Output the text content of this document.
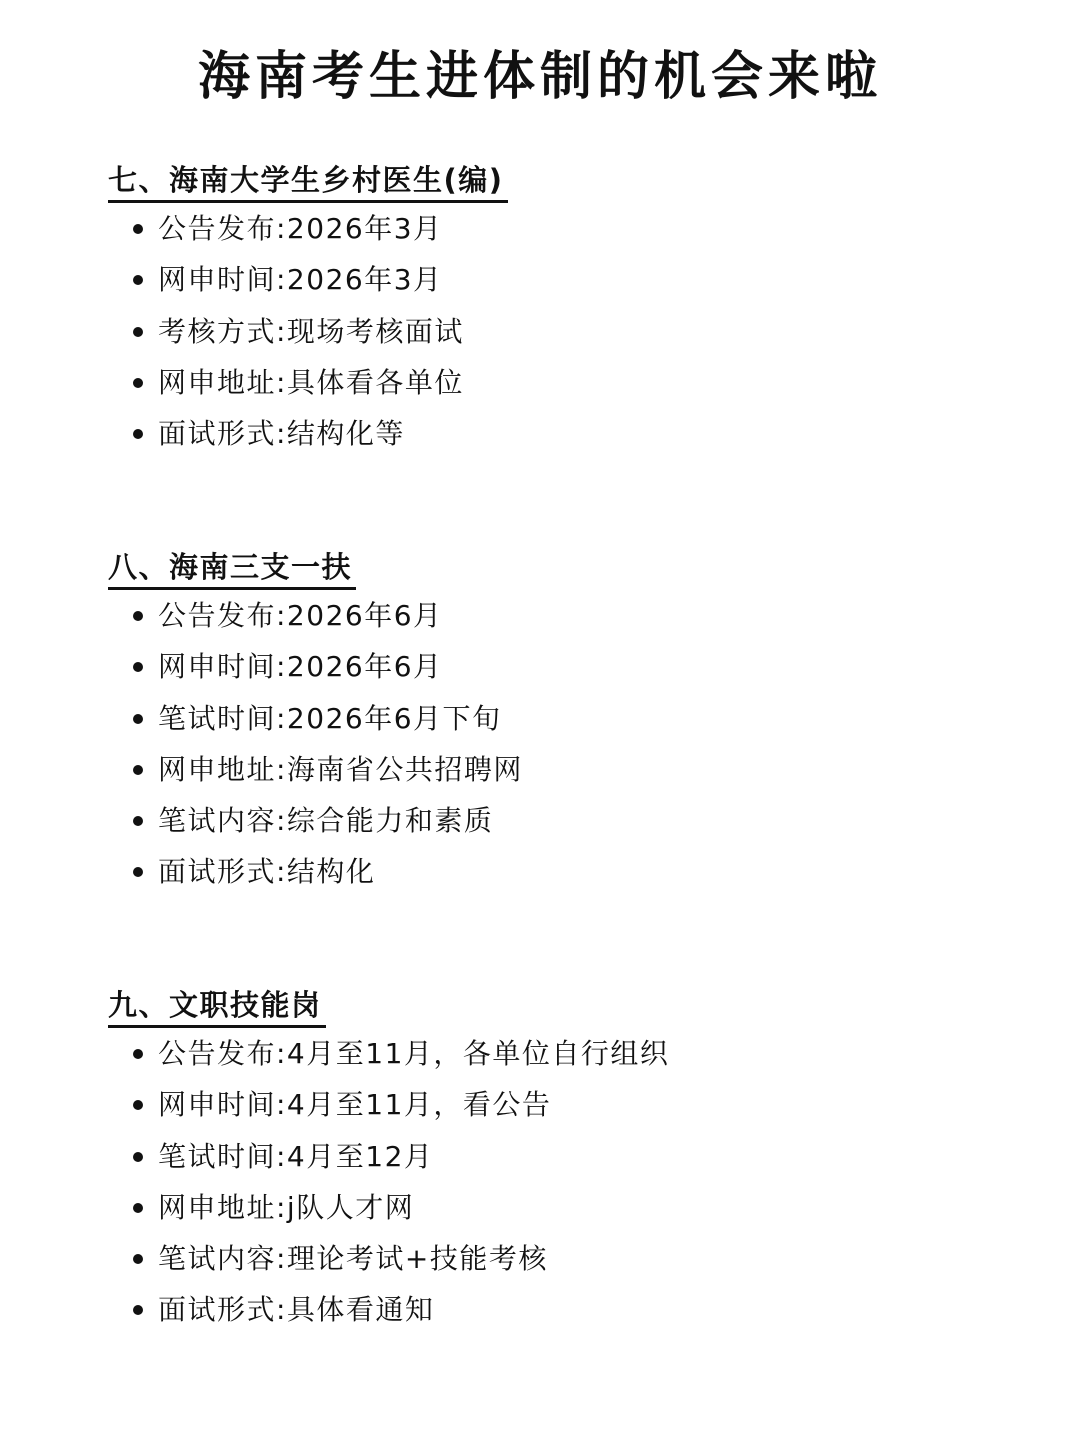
海南考生进体制的机会来啦
七、海南大学生乡村医生(编)
公告发布:2026年3月
网申时间:2026年3月
考核方式:现场考核面试
网申地址:具体看各单位
面试形式:结构化等
八、海南三支一扶
公告发布:2026年6月
网申时间:2026年6月
笔试时间:2026年6月下旬
网申地址:海南省公共招聘网
笔试内容:综合能力和素质
面试形式:结构化
九、文职技能岗
公告发布:4月至11月，各单位自行组织
网申时间:4月至11月，看公告
笔试时间:4月至12月
网申地址:j队人才网
笔试内容:理论考试+技能考核
面试形式:具体看通知
